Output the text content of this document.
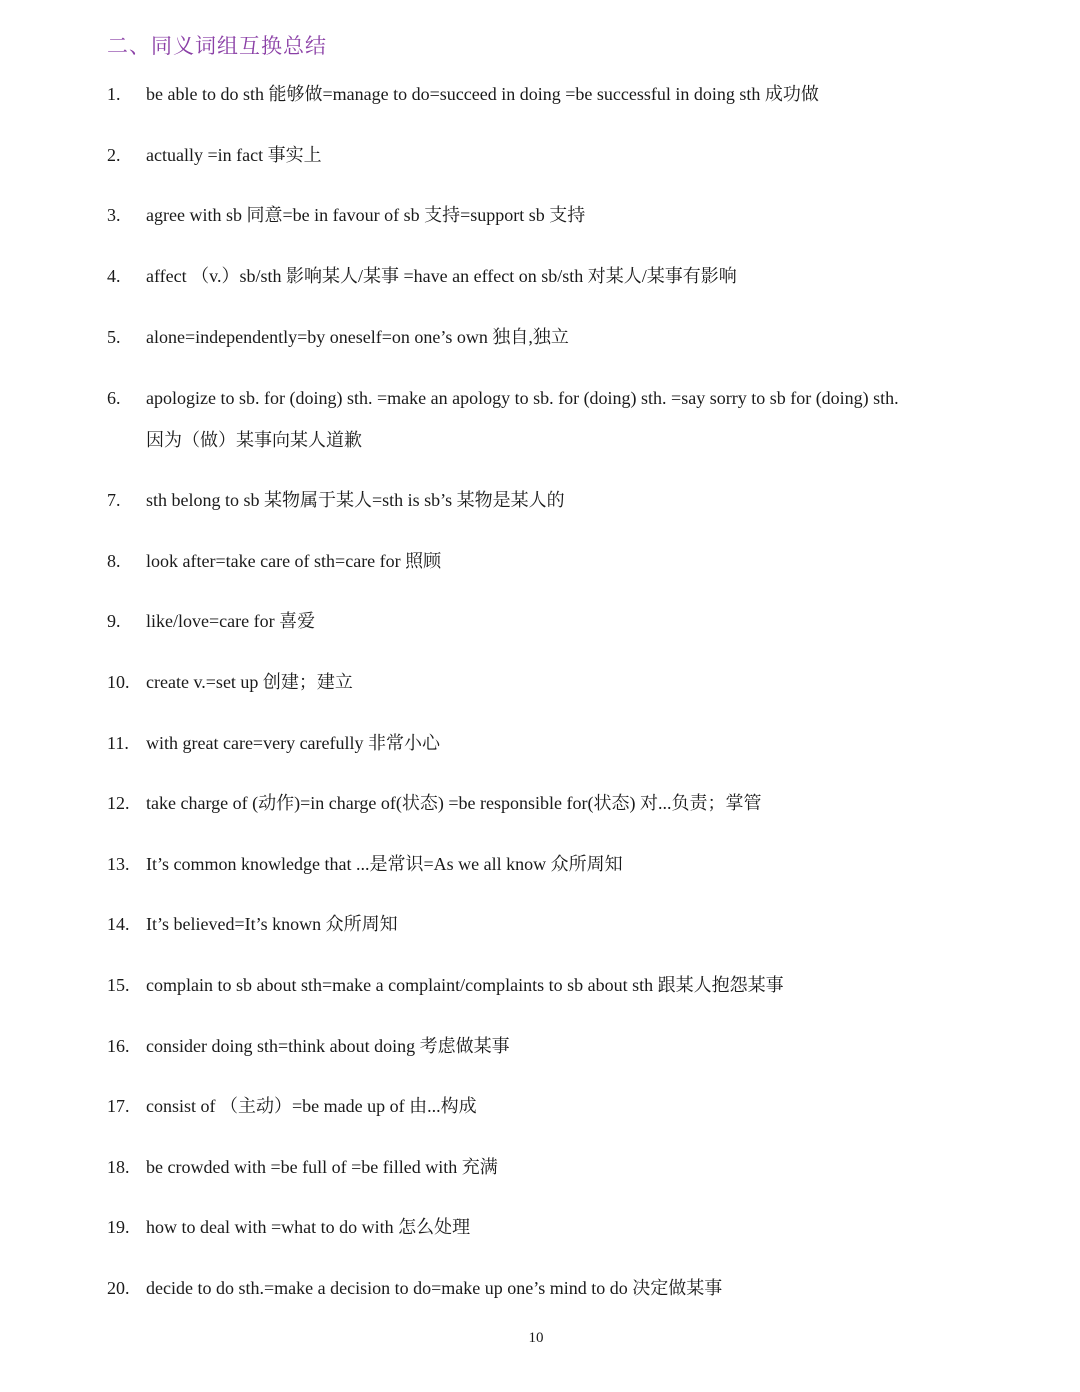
二、同义词组互换总结
1. be able to do sth 能够做=manage to do=succeed in doing =be successful in doing sth 成功做
2. actually =in fact 事实上
3. agree with sb 同意=be in favour of sb 支持=support sb 支持
4. affect （v.）sb/sth 影响某人/某事 =have an effect on sb/sth 对某人/某事有影响
5. alone=independently=by oneself=on one’s own 独自,独立
6. apologize to sb. for (doing) sth. =make an apology to sb. for (doing) sth. =say sorry to sb for (doing) sth.
因为（做）某事向某人道歉
7. sth belong to sb 某物属于某人=sth is sb’s 某物是某人的
8. look after=take care of sth=care for 照顾
9. like/love=care for 喜爱
10. create v.=set up 创建；建立
11. with great care=very carefully 非常小心
12. take charge of (动作)=in charge of(状态) =be responsible for(状态) 对...负责；掌管
13. It’s common knowledge that ...是常识=As we all know 众所周知
14. It’s believed=It’s known 众所周知
15. complain to sb about sth=make a complaint/complaints to sb about sth 跟某人抱怨某事
16. consider doing sth=think about doing 考虑做某事
17. consist of （主动）=be made up of 由...构成
18. be crowded with =be full of =be filled with 充满
19. how to deal with =what to do with 怎么处理
20. decide to do sth.=make a decision to do=make up one’s mind to do 决定做某事
10
